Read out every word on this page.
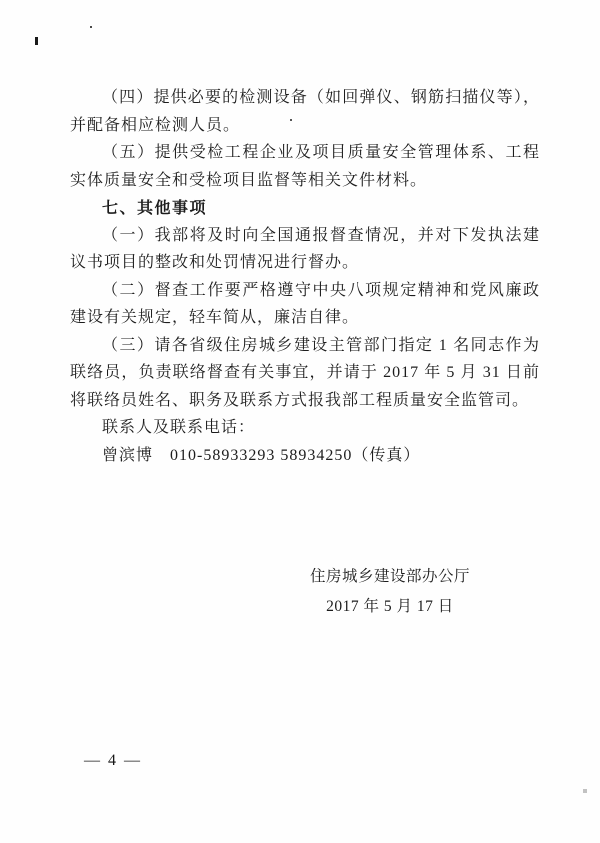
（四）提供必要的检测设备（如回弹仪、钢筋扫描仪等），并配备相应检测人员。

（五）提供受检工程企业及项目质量安全管理体系、工程实体质量安全和受检项目监督等相关文件材料。

七、其他事项

（一）我部将及时向全国通报督查情况，并对下发执法建议书项目的整改和处罚情况进行督办。

（二）督查工作要严格遵守中央八项规定精神和党风廉政建设有关规定，轻车简从，廉洁自律。

（三）请各省级住房城乡建设主管部门指定 1 名同志作为联络员，负责联络督查有关事宜，并请于 2017 年 5 月 31 日前将联络员姓名、职务及联系方式报我部工程质量安全监管司。

联系人及联系电话：

曾滨博　010-58933293 58934250（传真）

住房城乡建设部办公厅
2017 年 5 月 17 日
— 4 —
